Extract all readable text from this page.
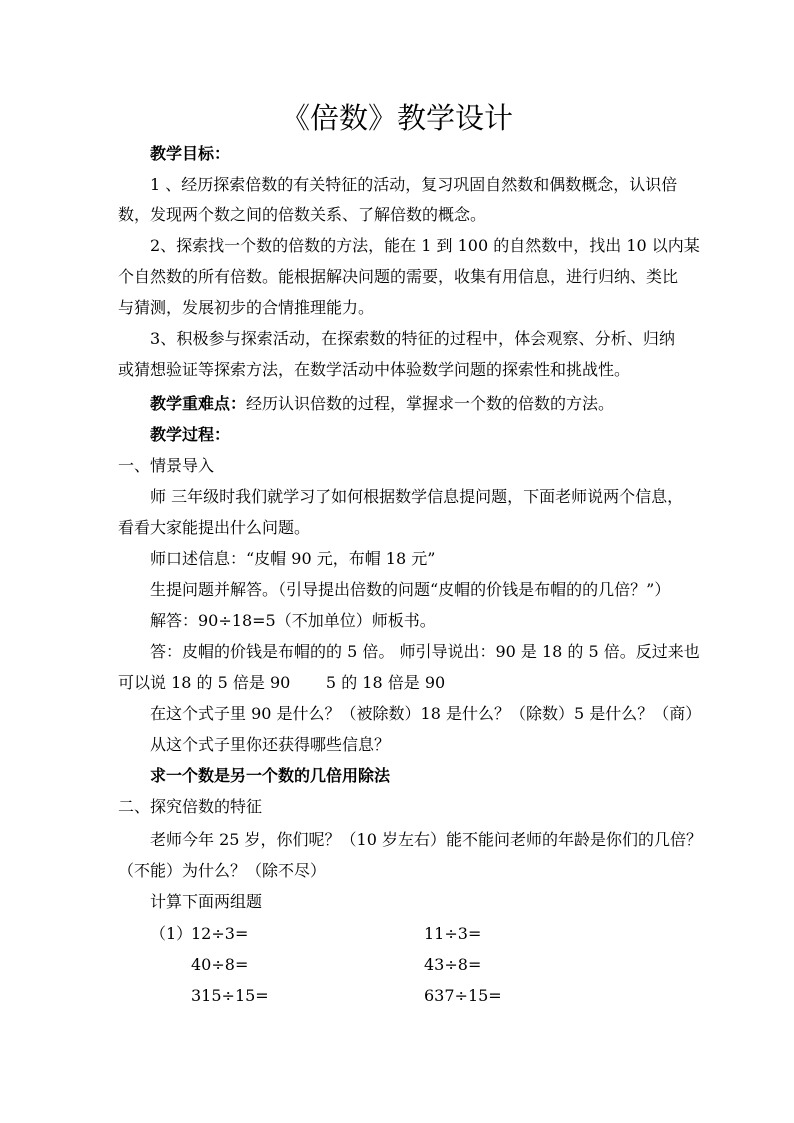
《倍数》教学设计
教学目标：
1 、经历探索倍数的有关特征的活动，复习巩固自然数和偶数概念，认识倍
数，发现两个数之间的倍数关系、了解倍数的概念。
2、探索找一个数的倍数的方法，能在 1 到 100 的自然数中，找出 10 以内某
个自然数的所有倍数。能根据解决问题的需要，收集有用信息，进行归纳、类比
与猜测，发展初步的合情推理能力。
3、积极参与探索活动，在探索数的特征的过程中，体会观察、分析、归纳
或猜想验证等探索方法，在数学活动中体验数学问题的探索性和挑战性。
教学重难点：经历认识倍数的过程，掌握求一个数的倍数的方法。
教学过程：
一、情景导入
师 三年级时我们就学习了如何根据数学信息提问题，下面老师说两个信息，
看看大家能提出什么问题。
师口述信息：“皮帽 90 元，布帽 18 元”
生提问题并解答。（引导提出倍数的问题“皮帽的价钱是布帽的的几倍？”）
解答：90÷18=5（不加单位）师板书。
答：皮帽的价钱是布帽的的 5 倍。 师引导说出：90 是 18 的 5 倍。反过来也
可以说 18 的 5 倍是 90       5 的 18 倍是 90
在这个式子里 90 是什么？（被除数）18 是什么？（除数）5 是什么？（商）
从这个式子里你还获得哪些信息？
求一个数是另一个数的几倍用除法
二、探究倍数的特征
老师今年 25 岁，你们呢？（10 岁左右）能不能问老师的年龄是你们的几倍？
（不能）为什么？（除不尽）
计算下面两组题
（1）
12÷3=
40÷8=
315÷15=
11÷3=
43÷8=
637÷15=
